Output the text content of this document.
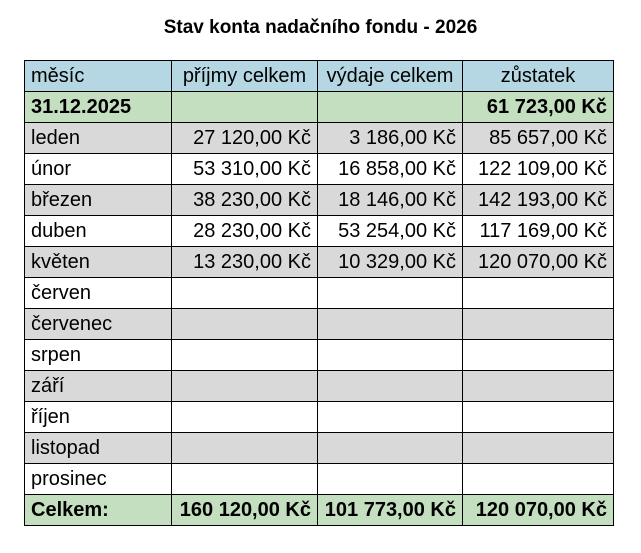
Stav konta nadačního fondu - 2026
měsíc	příjmy celkem	výdaje celkem	zůstatek
31.12.2025			61 723,00 Kč
leden	27 120,00 Kč	3 186,00 Kč	85 657,00 Kč
únor	53 310,00 Kč	16 858,00 Kč	122 109,00 Kč
březen	38 230,00 Kč	18 146,00 Kč	142 193,00 Kč
duben	28 230,00 Kč	53 254,00 Kč	117 169,00 Kč
květen	13 230,00 Kč	10 329,00 Kč	120 070,00 Kč
červen			
červenec			
srpen			
září			
říjen			
listopad			
prosinec			
Celkem:	160 120,00 Kč	101 773,00 Kč	120 070,00 Kč
